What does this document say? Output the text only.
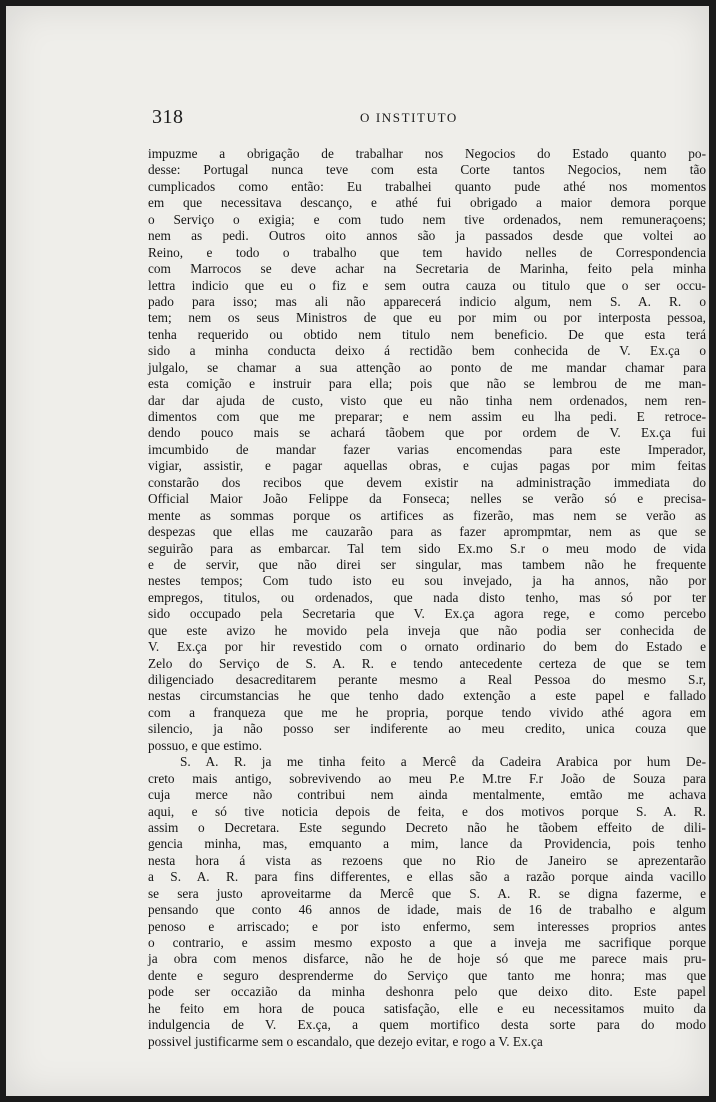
318	O INSTITUTO
impuzme a obrigação de trabalhar nos Negocios do Estado quanto po-
desse: Portugal nunca teve com esta Corte tantos Negocios, nem tão
cumplicados como então: Eu trabalhei quanto pude athé nos momentos
em que necessitava descanço, e athé fui obrigado a maior demora porque
o Serviço o exigia; e com tudo nem tive ordenados, nem remuneraçoens;
nem as pedi. Outros oito annos são ja passados desde que voltei ao
Reino, e todo o trabalho que tem havido nelles de Correspondencia
com Marrocos se deve achar na Secretaria de Marinha, feito pela minha
lettra indicio que eu o fiz e sem outra cauza ou titulo que o ser occu-
pado para isso; mas ali não apparecerá indicio algum, nem S. A. R. o
tem; nem os seus Ministros de que eu por mim ou por interposta pessoa,
tenha requerido ou obtido nem titulo nem beneficio. De que esta terá
sido a minha conducta deixo á rectidão bem conhecida de V. Ex.ça o
julgalo, se chamar a sua attenção ao ponto de me mandar chamar para
esta comição e instruir para ella; pois que não se lembrou de me man-
dar dar ajuda de custo, visto que eu não tinha nem ordenados, nem ren-
dimentos com que me preparar; e nem assim eu lha pedi. E retroce-
dendo pouco mais se achará tãobem que por ordem de V. Ex.ça fui
imcumbido de mandar fazer varias encomendas para este Imperador,
vigiar, assistir, e pagar aquellas obras, e cujas pagas por mim feitas
constarão dos recibos que devem existir na administração immediata do
Official Maior João Felippe da Fonseca; nelles se verão só e precisa-
mente as sommas porque os artifices as fizerão, mas nem se verão as
despezas que ellas me cauzarão para as fazer aprompmtar, nem as que se
seguirão para as embarcar. Tal tem sido Ex.mo S.r o meu modo de vida
e de servir, que não direi ser singular, mas tambem não he frequente
nestes tempos; Com tudo isto eu sou invejado, ja ha annos, não por
empregos, titulos, ou ordenados, que nada disto tenho, mas só por ter
sido occupado pela Secretaria que V. Ex.ça agora rege, e como percebo
que este avizo he movido pela inveja que não podia ser conhecida de
V. Ex.ça por hir revestido com o ornato ordinario do bem do Estado e
Zelo do Serviço de S. A. R. e tendo antecedente certeza de que se tem
diligenciado desacreditarem perante mesmo a Real Pessoa do mesmo S.r,
nestas circumstancias he que tenho dado extenção a este papel e fallado
com a franqueza que me he propria, porque tendo vivido athé agora em
silencio, ja não posso ser indiferente ao meu credito, unica couza que
possuo, e que estimo.
S. A. R. ja me tinha feito a Mercê da Cadeira Arabica por hum De-
creto mais antigo, sobrevivendo ao meu P.e M.tre F.r João de Souza para
cuja merce não contribui nem ainda mentalmente, emtão me achava
aqui, e só tive noticia depois de feita, e dos motivos porque S. A. R.
assim o Decretara. Este segundo Decreto não he tãobem effeito de dili-
gencia minha, mas, emquanto a mim, lance da Providencia, pois tenho
nesta hora á vista as rezoens que no Rio de Janeiro se aprezentarão
a S. A. R. para fins differentes, e ellas são a razão porque ainda vacillo
se sera justo aproveitarme da Mercê que S. A. R. se digna fazerme, e
pensando que conto 46 annos de idade, mais de 16 de trabalho e algum
penoso e arriscado; e por isto enfermo, sem interesses proprios antes
o contrario, e assim mesmo exposto a que a inveja me sacrifique porque
ja obra com menos disfarce, não he de hoje só que me parece mais pru-
dente e seguro desprenderme do Serviço que tanto me honra; mas que
pode ser occazião da minha deshonra pelo que deixo dito. Este papel
he feito em hora de pouca satisfação, elle e eu necessitamos muito da
indulgencia de V. Ex.ça, a quem mortifico desta sorte para do modo
possivel justificarme sem o escandalo, que dezejo evitar, e rogo a V. Ex.ça
